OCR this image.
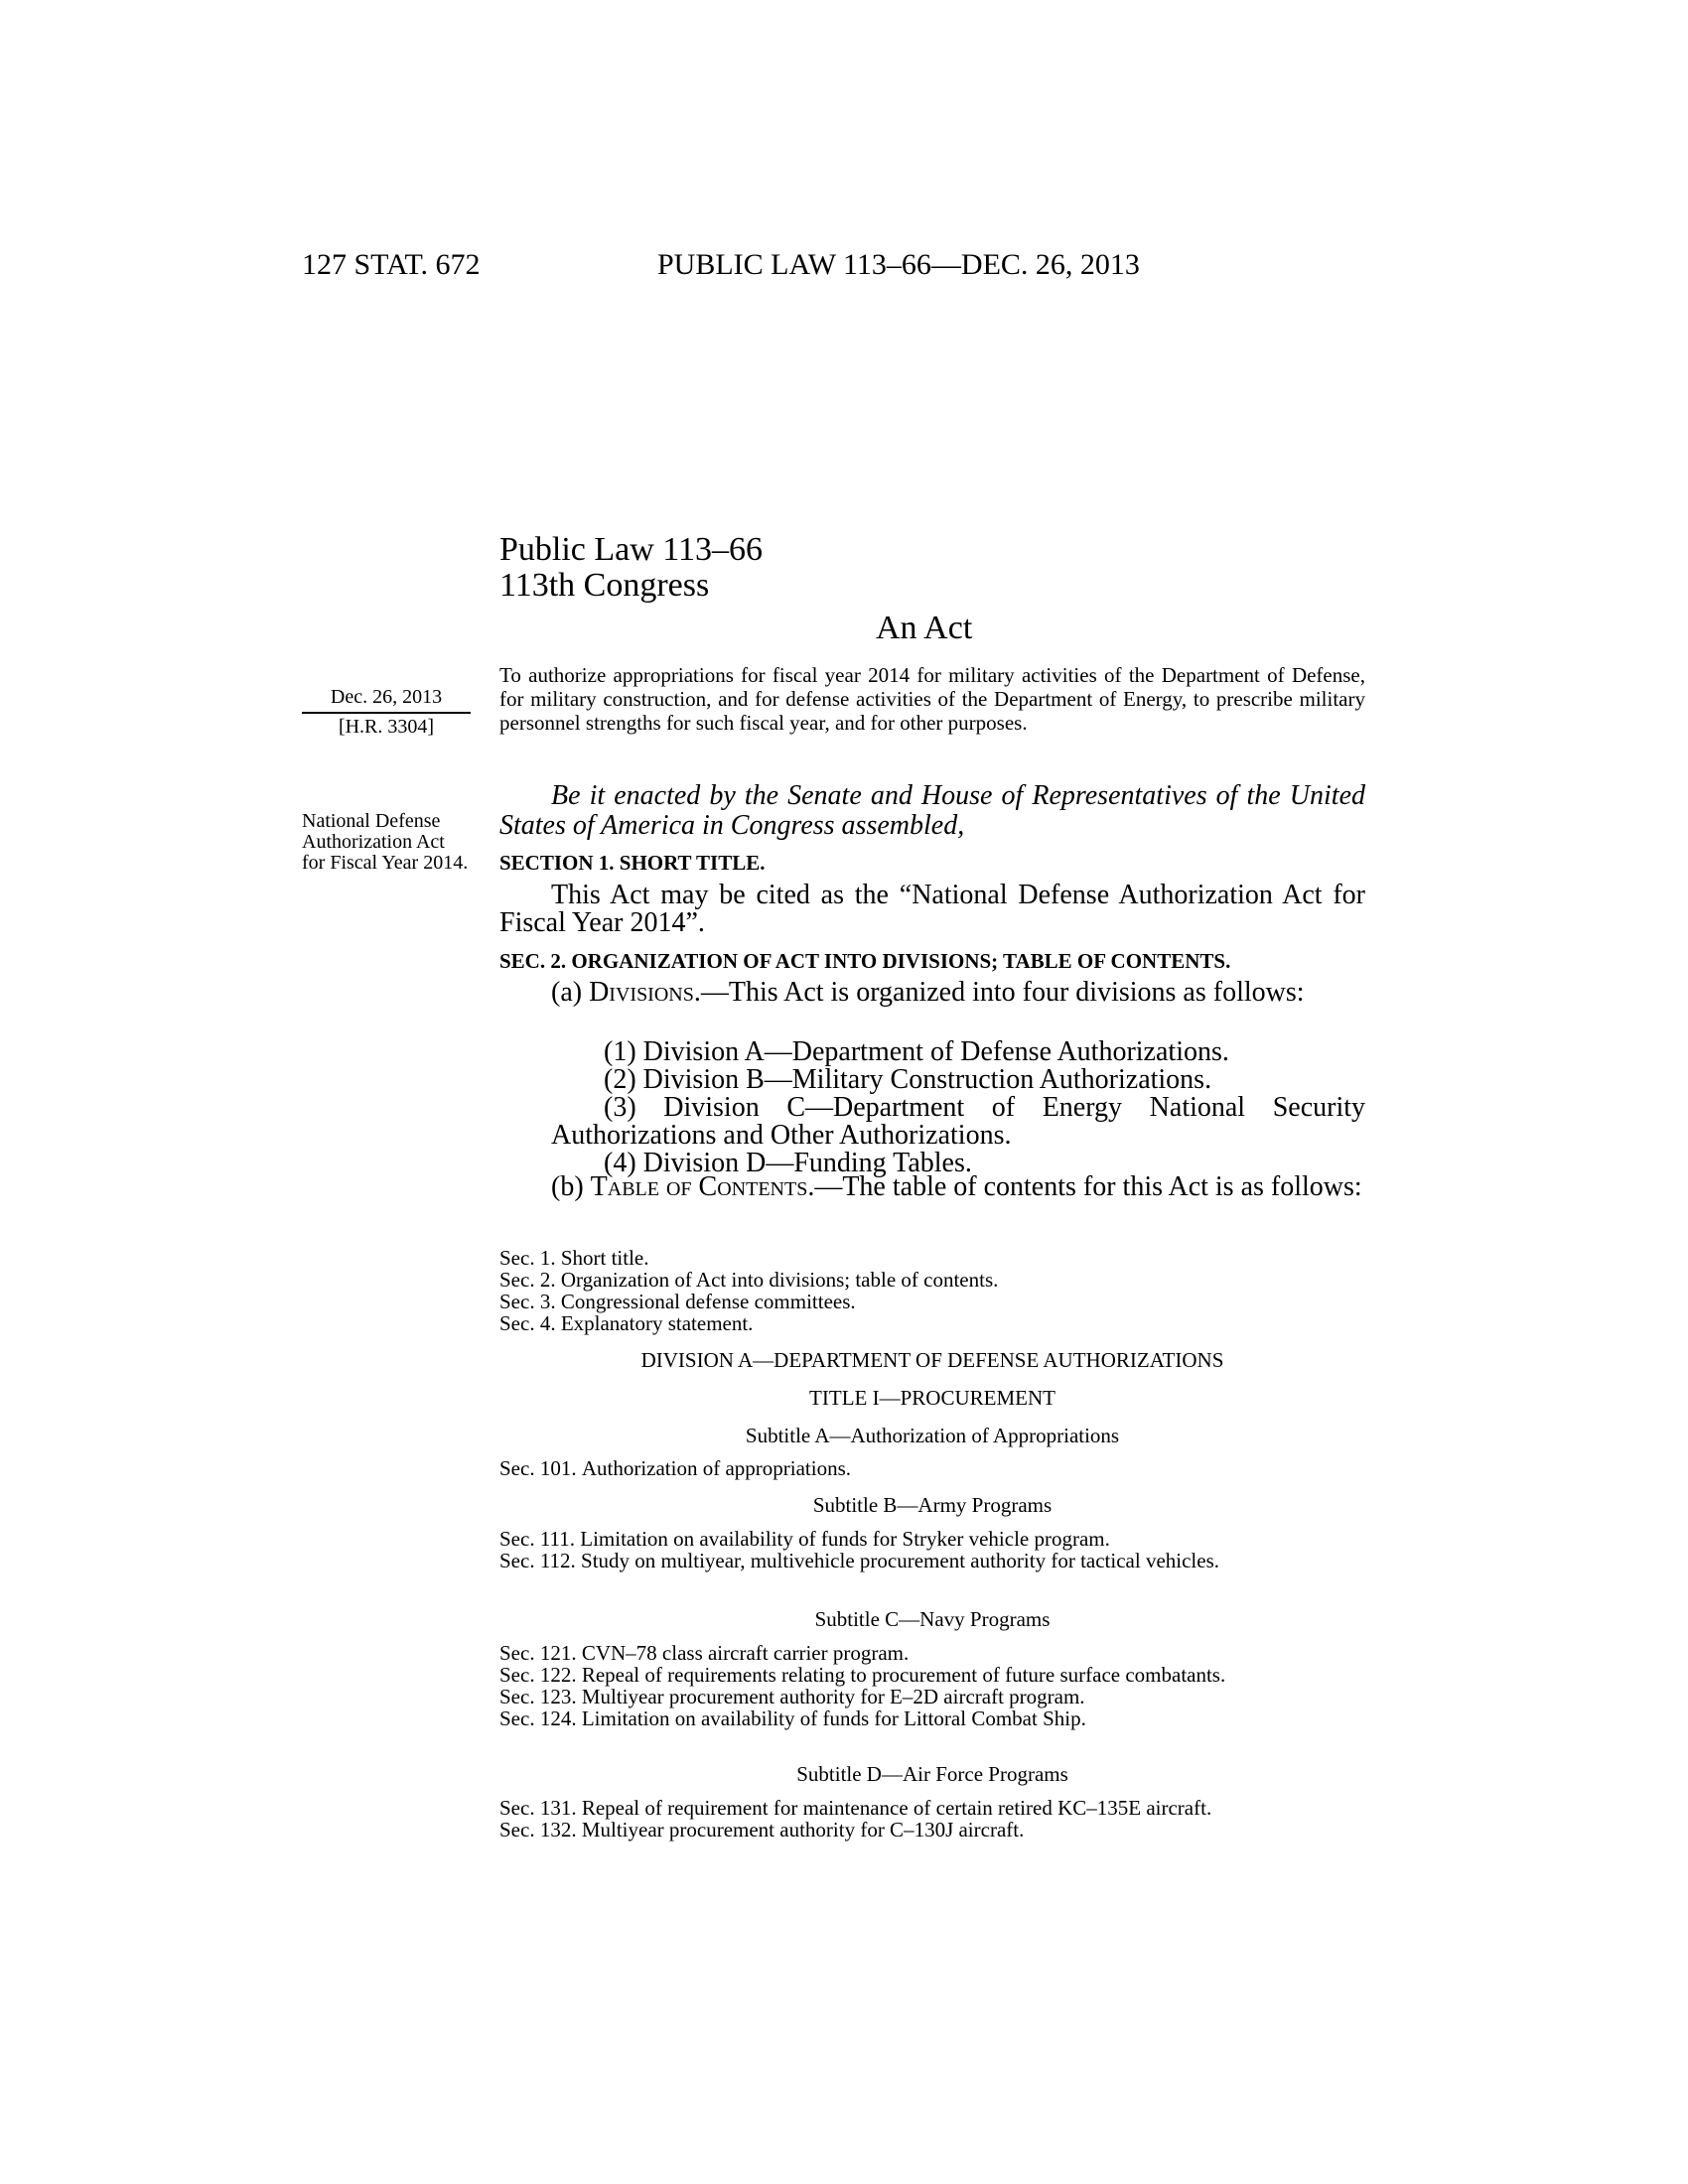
127 STAT. 672	PUBLIC LAW 113–66—DEC. 26, 2013
Public Law 113–66
113th Congress
An Act
Dec. 26, 2013
[H.R. 3304]
National Defense Authorization Act for Fiscal Year 2014.
To authorize appropriations for fiscal year 2014 for military activities of the Department of Defense, for military construction, and for defense activities of the Department of Energy, to prescribe military personnel strengths for such fiscal year, and for other purposes.
Be it enacted by the Senate and House of Representatives of the United States of America in Congress assembled,
SECTION 1. SHORT TITLE.
This Act may be cited as the “National Defense Authorization Act for Fiscal Year 2014”.
SEC. 2. ORGANIZATION OF ACT INTO DIVISIONS; TABLE OF CONTENTS.
(a) Divisions.—This Act is organized into four divisions as follows:
(1) Division A—Department of Defense Authorizations.
(2) Division B—Military Construction Authorizations.
(3) Division C—Department of Energy National Security Authorizations and Other Authorizations.
(4) Division D—Funding Tables.
(b) Table of Contents.—The table of contents for this Act is as follows:
Sec. 1. Short title.
Sec. 2. Organization of Act into divisions; table of contents.
Sec. 3. Congressional defense committees.
Sec. 4. Explanatory statement.
DIVISION A—DEPARTMENT OF DEFENSE AUTHORIZATIONS
TITLE I—PROCUREMENT
Subtitle A—Authorization of Appropriations
Sec. 101. Authorization of appropriations.
Subtitle B—Army Programs
Sec. 111. Limitation on availability of funds for Stryker vehicle program.
Sec. 112. Study on multiyear, multivehicle procurement authority for tactical vehicles.
Subtitle C—Navy Programs
Sec. 121. CVN–78 class aircraft carrier program.
Sec. 122. Repeal of requirements relating to procurement of future surface combatants.
Sec. 123. Multiyear procurement authority for E–2D aircraft program.
Sec. 124. Limitation on availability of funds for Littoral Combat Ship.
Subtitle D—Air Force Programs
Sec. 131. Repeal of requirement for maintenance of certain retired KC–135E aircraft.
Sec. 132. Multiyear procurement authority for C–130J aircraft.
